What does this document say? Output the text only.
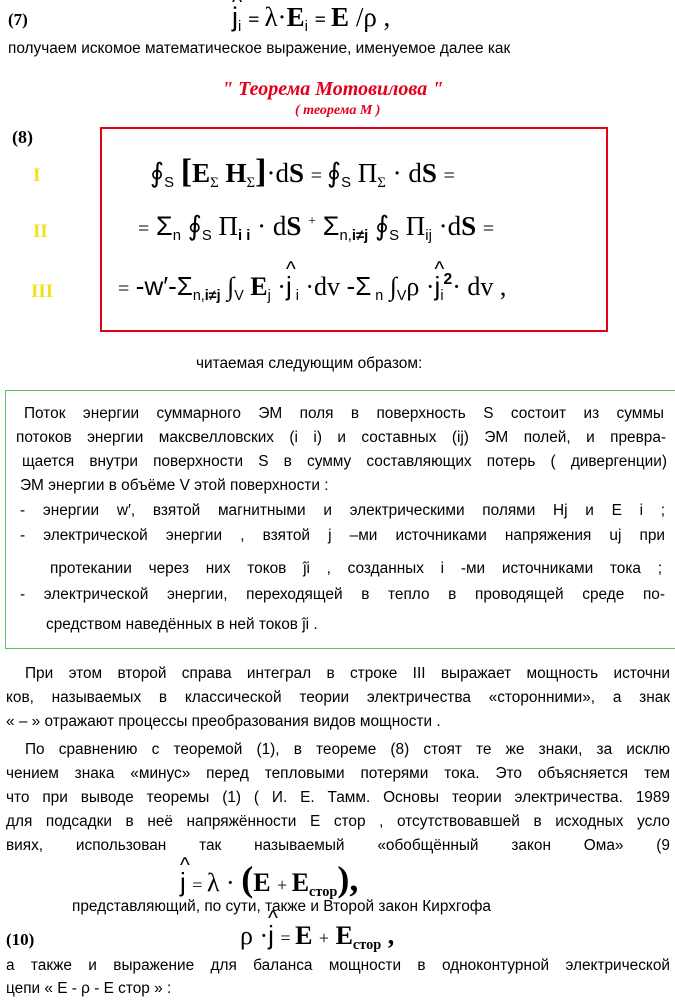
(7)
^	$j_i = \lambda\cdot E_i = E$ /ρ ,
получаем искомое математическое выражение, именуемое далее как
" Теорема Мотовилова "
( теорема М )
(8)
I
II
III
$∮_S$ [$E_\Sigma$ $H_\Sigma]\cdot dS$ = $∮_S$ $\Pi_\Sigma$ · dS =
= $\Sigma_n$ $∮_S$ $\Pi_{i i}$ · dS + $\Sigma_{n,i\ne j}$ $∮_S$ $\Pi_{ij} \cdot dS$ =
= $-w'-\Sigma_{n,i\ne j}$ $\int_V$ $E_j$ ·^ j $_i$ ·dv -Σ $_n$ $\int_V\rho$ ·^ $j_i^2\cdot$ dv ,
читаемая следующим образом:
Поток энергии суммарного ЭМ поля в поверхность S состоит из суммы
потоков энергии максвелловских (i i) и составных (ij) ЭМ полей, и превра-
щается внутри поверхности S в сумму составляющих потерь ( дивергенции)
ЭМ энергии в объёме V этой поверхности :
- энергии w′, взятой магнитными и электрическими полями Hj и E i ;
- электрической энергии , взятой j –ми источниками напряжения uj при
протекании через них токов ĵi , созданных i -ми источниками тока ;
- электрической энергии, переходящей в тепло в проводящей среде по-
средством наведённых в ней токов ĵi .
При этом второй справа интеграл в строке III выражает мощность источни
ков, называемых в классической теории электричества «сторонними», а знак
« – » отражают процессы преобразования видов мощности .
По сравнению с теоремой (1), в теореме (8) стоят те же знаки, за исклю
чением знака «минус» перед тепловыми потерями тока. Это объясняется тем
что при выводе теоремы (1) ( И. Е. Тамм. Основы теории электричества. 1989
для подсадки в неё напряжённости E стор , отсутствовавшей в исходных усло
виях, использован так называемый «обобщённый закон Ома» (9
^ $j = \lambda \cdot (E + E_{стор})$,
представляющий, по сути, также и Второй закон Кирхгофа
(10)	ρ ·^ $j = E + E_{стор}$ ,
а также и выражение для баланса мощности в одноконтурной электрической
цепи « E - ρ - E стор » :
